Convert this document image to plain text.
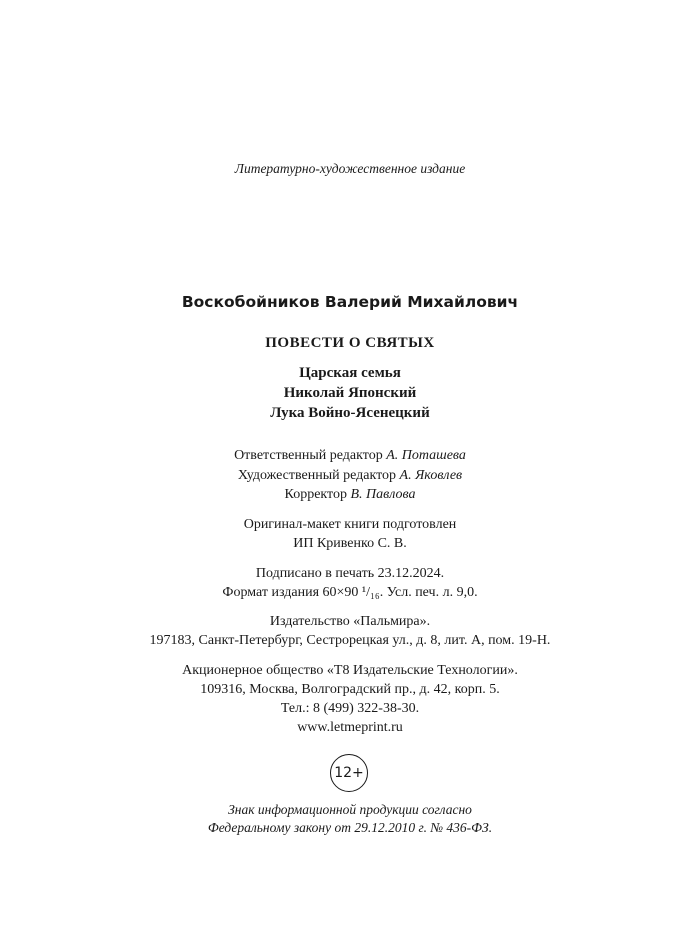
Литературно-художественное издание
Воскобойников Валерий Михайлович
ПОВЕСТИ О СВЯТЫХ
Царская семья
Николай Японский
Лука Войно-Ясенецкий
Ответственный редактор А. Поташева
Художественный редактор А. Яковлев
Корректор В. Павлова
Оригинал-макет книги подготовлен
ИП Кривенко С. В.
Подписано в печать 23.12.2024.
Формат издания 60×90 ¹/₁₆. Усл. печ. л. 9,0.
Издательство «Пальмира».
197183, Санкт-Петербург, Сестрорецкая ул., д. 8, лит. А, пом. 19-Н.
Акционерное общество «Т8 Издательские Технологии».
109316, Москва, Волгоградский пр., д. 42, корп. 5.
Тел.: 8 (499) 322-38-30.
www.letmeprint.ru
12+
Знак информационной продукции согласно
Федеральному закону от 29.12.2010 г. № 436-ФЗ.
